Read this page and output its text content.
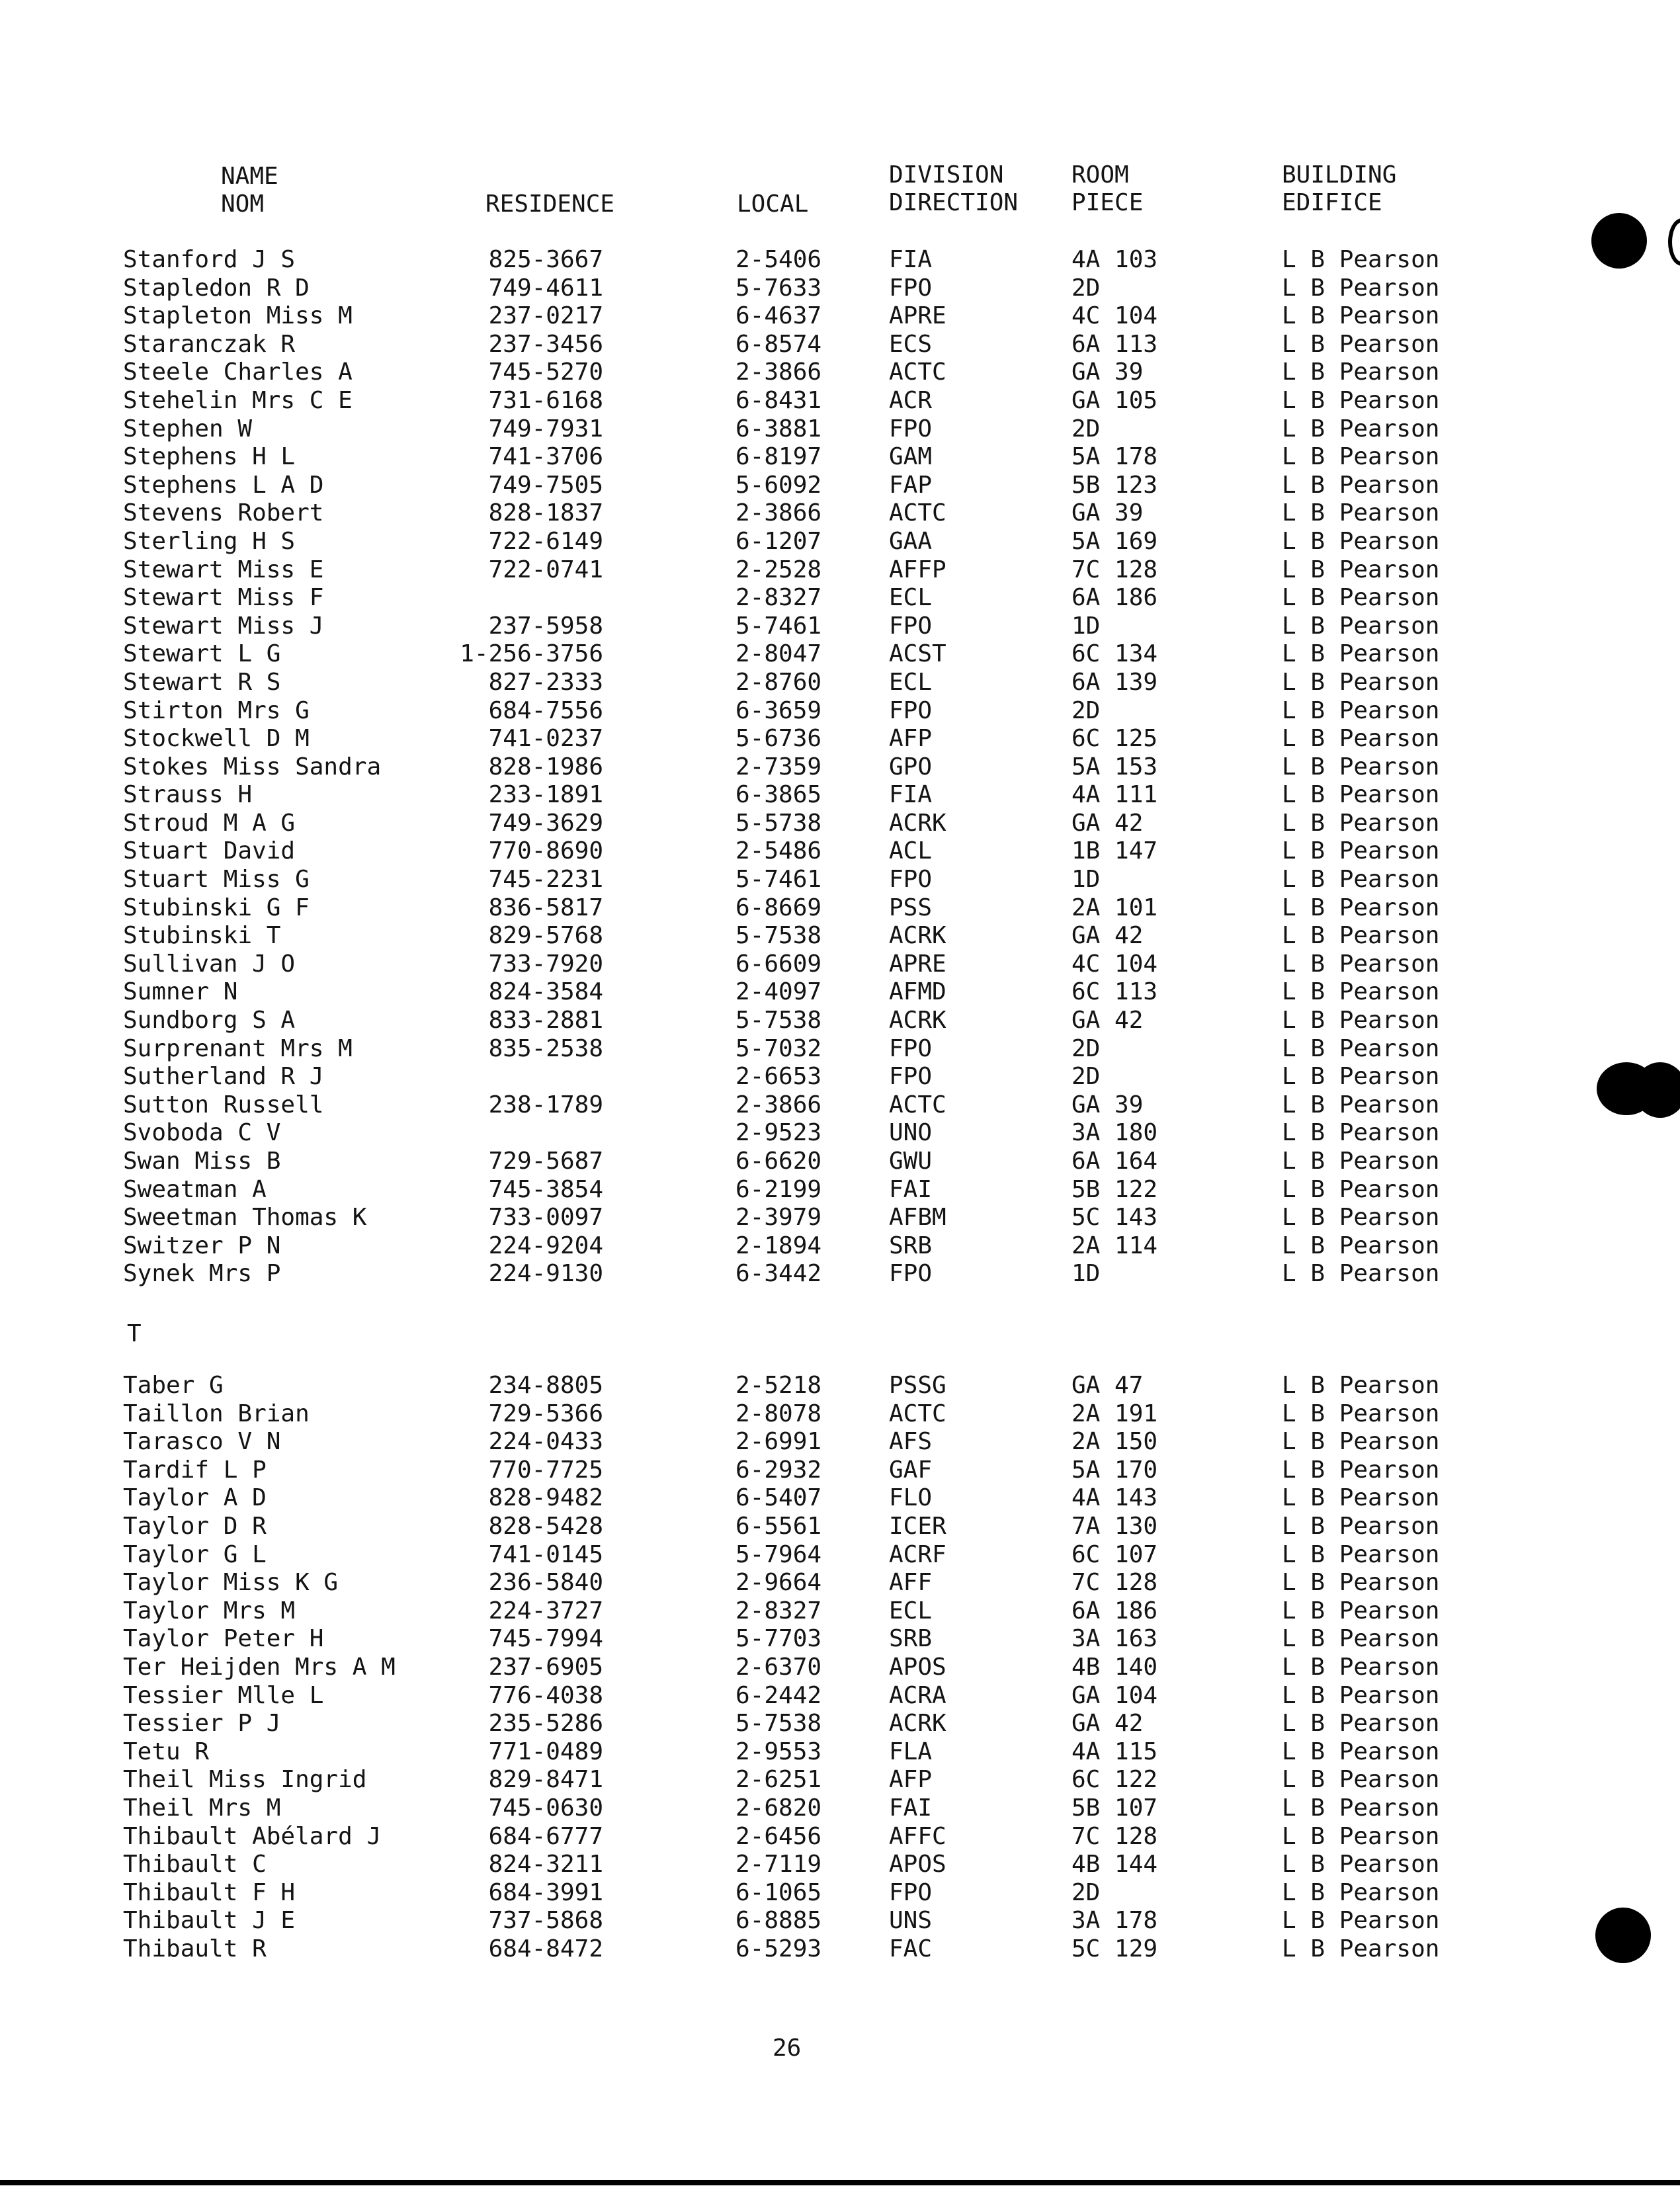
NAME
NOM	RESIDENCE	LOCAL
DIVISION
DIRECTION
ROOM
PIECE
BUILDING
EDIFICE
Stanford J S
Stapledon R D
Stapleton Miss M
Staranczak R
Steele Charles A
Stehelin Mrs C E
Stephen W
Stephens H L
Stephens L A D
Stevens Robert
Sterling H S
Stewart Miss E
Stewart Miss F
Stewart Miss J
Stewart L G
Stewart R S
Stirton Mrs G
Stockwell D M
Stokes Miss Sandra
Strauss H
Stroud M A G
Stuart David
Stuart Miss G
Stubinski G F
Stubinski T
Sullivan J O
Sumner N
Sundborg S A
Surprenant Mrs M
Sutherland R J
Sutton Russell
Svoboda C V
Swan Miss B
Sweatman A
Sweetman Thomas K
Switzer P N
Synek Mrs P
825-3667
749-4611
237-0217
237-3456
745-5270
731-6168
749-7931
741-3706
749-7505
828-1837
722-6149
722-0741

237-5958
1-256-3756
827-2333
684-7556
741-0237
828-1986
233-1891
749-3629
770-8690
745-2231
836-5817
829-5768
733-7920
824-3584
833-2881
835-2538

238-1789

729-5687
745-3854
733-0097
224-9204
224-9130
2-5406
5-7633
6-4637
6-8574
2-3866
6-8431
6-3881
6-8197
5-6092
2-3866
6-1207
2-2528
2-8327
5-7461
2-8047
2-8760
6-3659
5-6736
2-7359
6-3865
5-5738
2-5486
5-7461
6-8669
5-7538
6-6609
2-4097
5-7538
5-7032
2-6653
2-3866
2-9523
6-6620
6-2199
2-3979
2-1894
6-3442
FIA
FPO
APRE
ECS
ACTC
ACR
FPO
GAM
FAP
ACTC
GAA
AFFP
ECL
FPO
ACST
ECL
FPO
AFP
GPO
FIA
ACRK
ACL
FPO
PSS
ACRK
APRE
AFMD
ACRK
FPO
FPO
ACTC
UNO
GWU
FAI
AFBM
SRB
FPO
4A 103
2D
4C 104
6A 113
GA 39
GA 105
2D
5A 178
5B 123
GA 39
5A 169
7C 128
6A 186
1D
6C 134
6A 139
2D
6C 125
5A 153
4A 111
GA 42
1B 147
1D
2A 101
GA 42
4C 104
6C 113
GA 42
2D
2D
GA 39
3A 180
6A 164
5B 122
5C 143
2A 114
1D
L B Pearson
L B Pearson
L B Pearson
L B Pearson
L B Pearson
L B Pearson
L B Pearson
L B Pearson
L B Pearson
L B Pearson
L B Pearson
L B Pearson
L B Pearson
L B Pearson
L B Pearson
L B Pearson
L B Pearson
L B Pearson
L B Pearson
L B Pearson
L B Pearson
L B Pearson
L B Pearson
L B Pearson
L B Pearson
L B Pearson
L B Pearson
L B Pearson
L B Pearson
L B Pearson
L B Pearson
L B Pearson
L B Pearson
L B Pearson
L B Pearson
L B Pearson
L B Pearson
T
Taber G
Taillon Brian
Tarasco V N
Tardif L P
Taylor A D
Taylor D R
Taylor G L
Taylor Miss K G
Taylor Mrs M
Taylor Peter H
Ter Heijden Mrs A M
Tessier Mlle L
Tessier P J
Tetu R
Theil Miss Ingrid
Theil Mrs M
Thibault Abélard J
Thibault C
Thibault F H
Thibault J E
Thibault R
234-8805
729-5366
224-0433
770-7725
828-9482
828-5428
741-0145
236-5840
224-3727
745-7994
237-6905
776-4038
235-5286
771-0489
829-8471
745-0630
684-6777
824-3211
684-3991
737-5868
684-8472
2-5218
2-8078
2-6991
6-2932
6-5407
6-5561
5-7964
2-9664
2-8327
5-7703
2-6370
6-2442
5-7538
2-9553
2-6251
2-6820
2-6456
2-7119
6-1065
6-8885
6-5293
PSSG
ACTC
AFS
GAF
FLO
ICER
ACRF
AFF
ECL
SRB
APOS
ACRA
ACRK
FLA
AFP
FAI
AFFC
APOS
FPO
UNS
FAC
GA 47
2A 191
2A 150
5A 170
4A 143
7A 130
6C 107
7C 128
6A 186
3A 163
4B 140
GA 104
GA 42
4A 115
6C 122
5B 107
7C 128
4B 144
2D
3A 178
5C 129
L B Pearson
L B Pearson
L B Pearson
L B Pearson
L B Pearson
L B Pearson
L B Pearson
L B Pearson
L B Pearson
L B Pearson
L B Pearson
L B Pearson
L B Pearson
L B Pearson
L B Pearson
L B Pearson
L B Pearson
L B Pearson
L B Pearson
L B Pearson
L B Pearson
26
